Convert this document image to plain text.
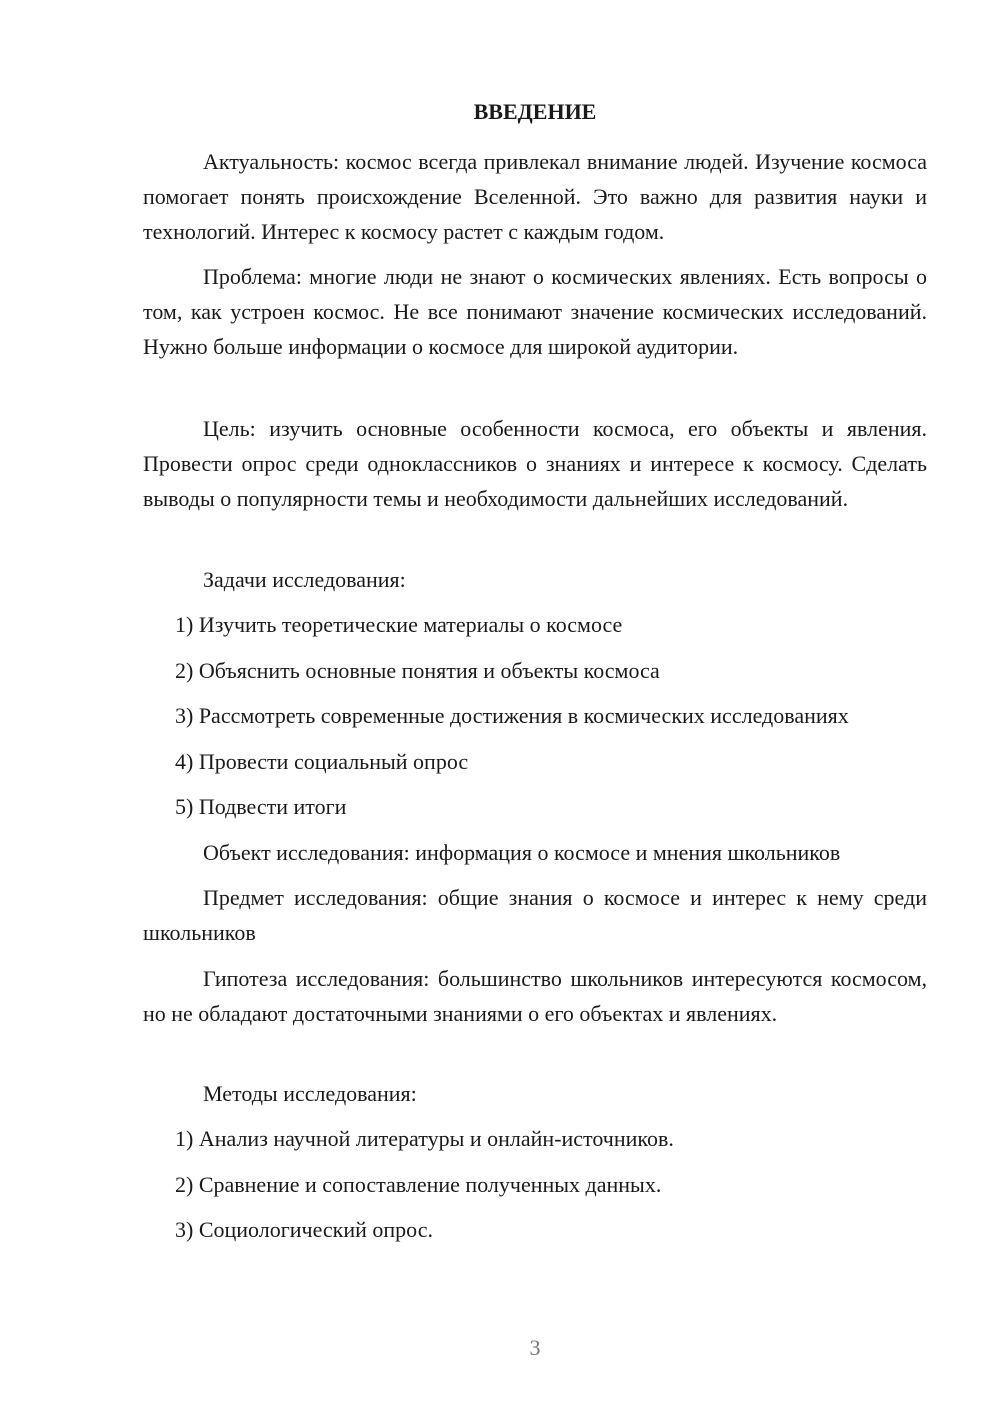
ВВЕДЕНИЕ

Актуальность: космос всегда привлекал внимание людей. Изучение космоса помогает понять происхождение Вселенной. Это важно для развития науки и технологий. Интерес к космосу растет с каждым годом.

Проблема: многие люди не знают о космических явлениях. Есть вопросы о том, как устроен космос. Не все понимают значение космических исследований. Нужно больше информации о космосе для широкой аудитории.

Цель: изучить основные особенности космоса, его объекты и явления. Провести опрос среди одноклассников о знаниях и интересе к космосу. Сделать выводы о популярности темы и необходимости дальнейших исследований.

Задачи исследования:
1) Изучить теоретические материалы о космосе
2) Объяснить основные понятия и объекты космоса
3) Рассмотреть современные достижения в космических исследованиях
4) Провести социальный опрос
5) Подвести итоги
Объект исследования: информация о космосе и мнения школьников

Предмет исследования: общие знания о космосе и интерес к нему среди школьников

Гипотеза исследования: большинство школьников интересуются космосом, но не обладают достаточными знаниями о его объектах и явлениях.

Методы исследования:
1) Анализ научной литературы и онлайн-источников.
2) Сравнение и сопоставление полученных данных.
3) Социологический опрос.
3
